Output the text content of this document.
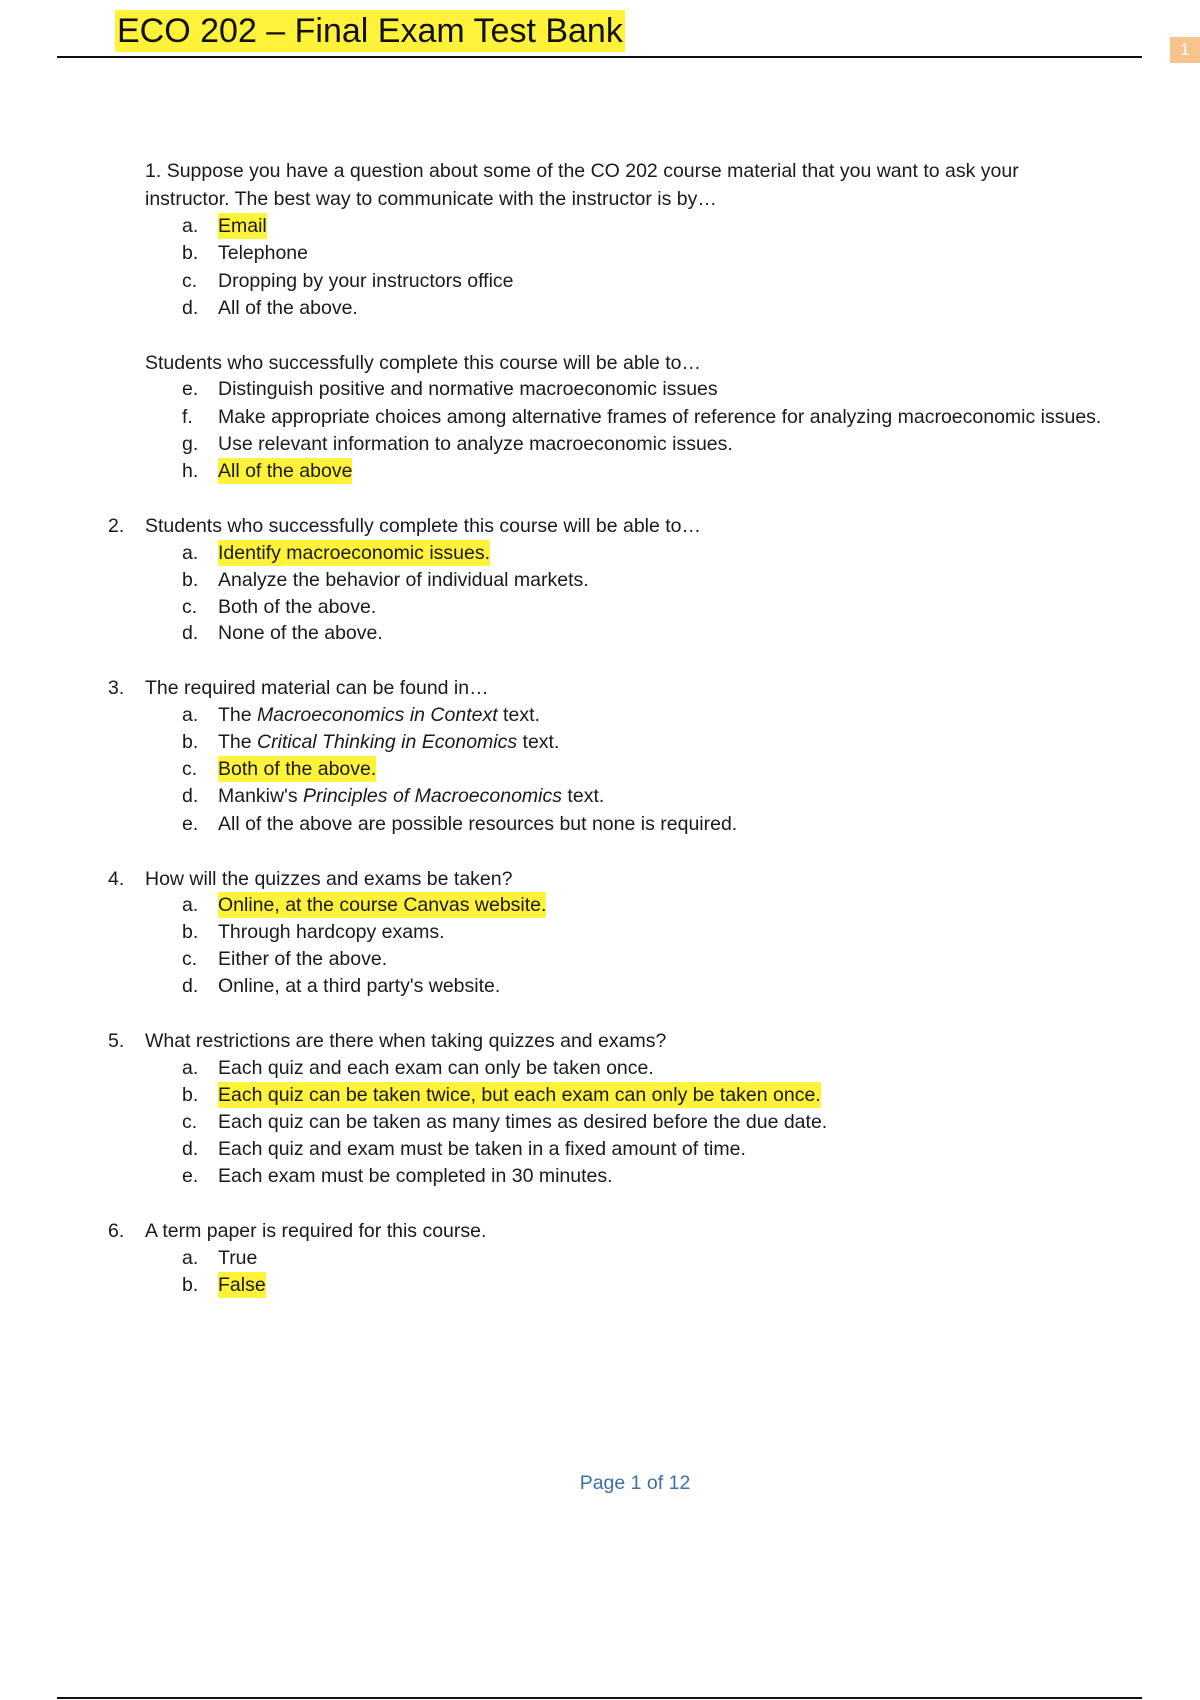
ECO 202 – Final Exam Test Bank	1
1. Suppose you have a question about some of the CO 202 course material that you want to ask your instructor. The best way to communicate with the instructor is by…
a.	Email
b.	Telephone
c.	Dropping by your instructors office
d.	All of the above.
Students who successfully complete this course will be able to…
e.	Distinguish positive and normative macroeconomic issues
f.	Make appropriate choices among alternative frames of reference for analyzing macroeconomic issues.
g.	Use relevant information to analyze macroeconomic issues.
h.	All of the above
2.	Students who successfully complete this course will be able to…
a.	Identify macroeconomic issues.
b.	Analyze the behavior of individual markets.
c.	Both of the above.
d.	None of the above.
3.	The required material can be found in…
a.	The Macroeconomics in Context text.
b.	The Critical Thinking in Economics text.
c.	Both of the above.
d.	Mankiw's Principles of Macroeconomics text.
e.	All of the above are possible resources but none is required.
4.	How will the quizzes and exams be taken?
a.	Online, at the course Canvas website.
b.	Through hardcopy exams.
c.	Either of the above.
d.	Online, at a third party's website.
5.	What restrictions are there when taking quizzes and exams?
a.	Each quiz and each exam can only be taken once.
b.	Each quiz can be taken twice, but each exam can only be taken once.
c.	Each quiz can be taken as many times as desired before the due date.
d.	Each quiz and exam must be taken in a fixed amount of time.
e.	Each exam must be completed in 30 minutes.
6.	A term paper is required for this course.
a.	True
b.	False
Page 1 of 12
